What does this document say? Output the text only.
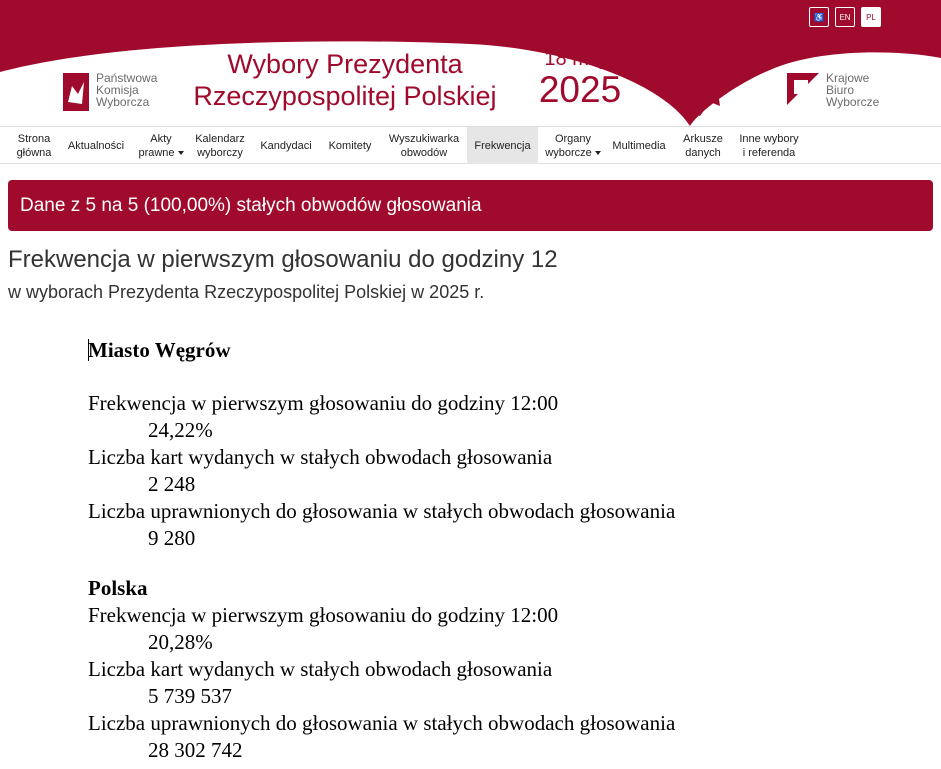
♿	EN	PL
Państwowa
Komisja
Wyborcza
Wybory Prezydenta
Rzeczypospolitej Polskiej
18 maja
2025	Krajowe
Biuro
Wyborcze
Strona
główna
Aktualności
Akty
prawne
Kalendarz
wyborczy
Kandydaci Komitety
Wyszukiwarka
obwodów
Frekwencja
Organy
wyborcze
Multimedia
Arkusze
danych
Inne wybory
i referenda
Dane z 5 na 5 (100,00%) stałych obwodów głosowania
Frekwencja w pierwszym głosowaniu do godziny 12
w wyborach Prezydenta Rzeczypospolitej Polskiej w 2025 r.
Miasto Węgrów
Frekwencja w pierwszym głosowaniu do godziny 12:00
24,22%
Liczba kart wydanych w stałych obwodach głosowania
2 248
Liczba uprawnionych do głosowania w stałych obwodach głosowania
9 280
Polska
Frekwencja w pierwszym głosowaniu do godziny 12:00
20,28%
Liczba kart wydanych w stałych obwodach głosowania
5 739 537
Liczba uprawnionych do głosowania w stałych obwodach głosowania
28 302 742
